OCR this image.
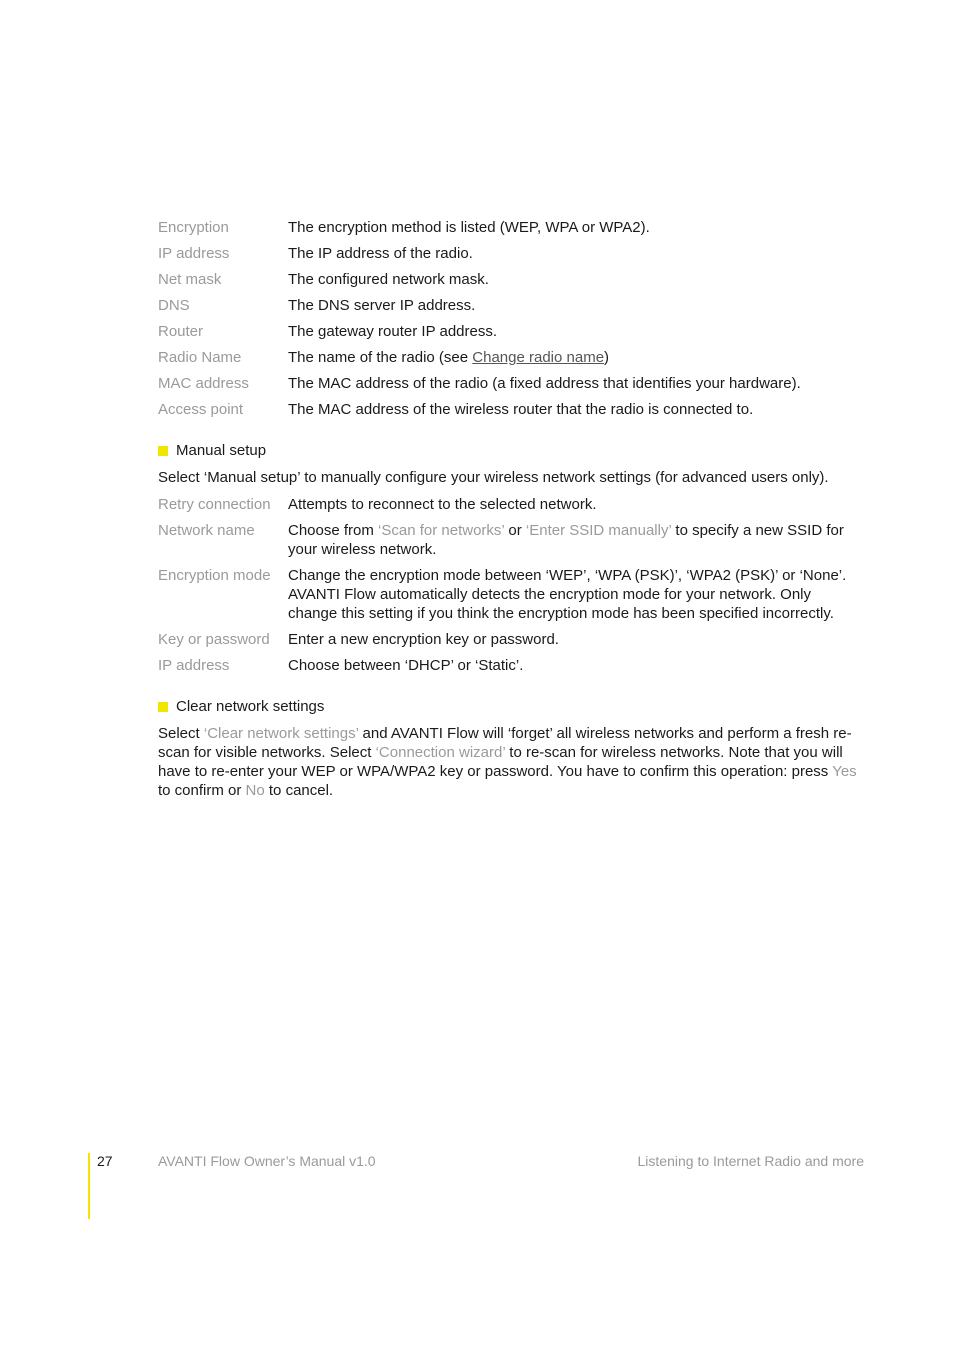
Encryption	The encryption method is listed (WEP, WPA or WPA2).
IP address	The IP address of the radio.
Net mask	The configured network mask.
DNS	The DNS server IP address.
Router	The gateway router IP address.
Radio Name	The name of the radio (see Change radio name)
MAC address	The MAC address of the radio (a fixed address that identifies your hardware).
Access point	The MAC address of the wireless router that the radio is connected to.
Manual setup
Select ‘Manual setup’ to manually configure your wireless network settings (for advanced users only).
Retry connection	Attempts to reconnect to the selected network.
Network name	Choose from ‘Scan for networks’ or ‘Enter SSID manually’ to specify a new SSID for your wireless network.
Encryption mode	Change the encryption mode between ‘WEP’, ‘WPA (PSK)’, ‘WPA2 (PSK)’ or ‘None’. AVANTI Flow automatically detects the encryption mode for your network. Only change this setting if you think the encryption mode has been specified incorrectly.
Key or password	Enter a new encryption key or password.
IP address	Choose between ‘DHCP’ or ‘Static’.
Clear network settings
Select ‘Clear network settings’ and AVANTI Flow will ‘forget’ all wireless networks and perform a fresh re-scan for visible networks. Select ‘Connection wizard’ to re-scan for wireless networks. Note that you will have to re-enter your WEP or WPA/WPA2 key or password. You have to confirm this operation: press Yes to confirm or No to cancel.
27	AVANTI Flow Owner’s Manual v1.0	Listening to Internet Radio and more
